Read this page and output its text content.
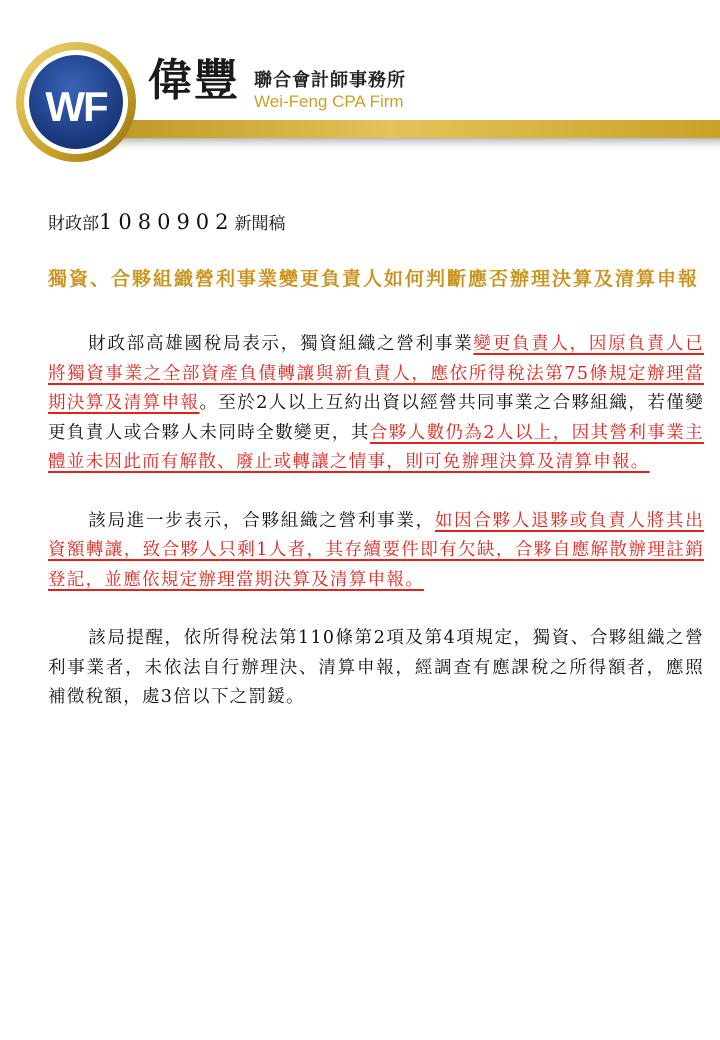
WF
偉豐 聯合會計師事務所
Wei-Feng CPA Firm

財政部1080902新聞稿

獨資、合夥組織營利事業變更負責人如何判斷應否辦理決算及清算申報
財政部高雄國稅局表示，獨資組織之營利事業變更負責人，因原負責人已將獨資事業之全部資產負債轉讓與新負責人，應依所得稅法第75條規定辦理當期決算及清算申報。至於2人以上互約出資以經營共同事業之合夥組織，若僅變更負責人或合夥人未同時全數變更，其合夥人數仍為2人以上，因其營利事業主體並未因此而有解散、廢止或轉讓之情事，則可免辦理決算及清算申報。
該局進一步表示，合夥組織之營利事業，如因合夥人退夥或負責人將其出資額轉讓，致合夥人只剩1人者，其存續要件即有欠缺，合夥自應解散辦理註銷登記，並應依規定辦理當期決算及清算申報。
該局提醒，依所得稅法第110條第2項及第4項規定，獨資、合夥組織之營利事業者，未依法自行辦理決、清算申報，經調查有應課稅之所得額者，應照補徵稅額，處3倍以下之罰鍰。
